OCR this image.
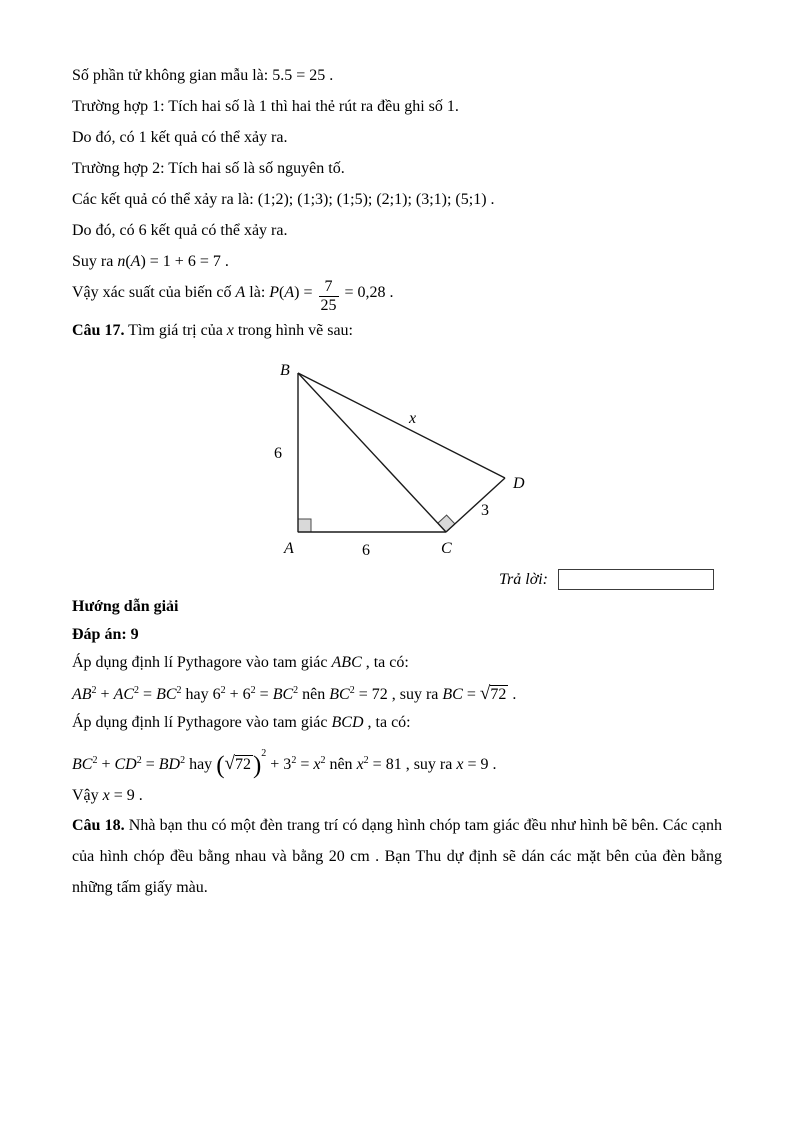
Số phần tử không gian mẫu là: 5.5 = 25 .

Trường hợp 1: Tích hai số là 1 thì hai thẻ rút ra đều ghi số 1.

Do đó, có 1 kết quả có thể xảy ra.

Trường hợp 2: Tích hai số là số nguyên tố.

Các kết quả có thể xảy ra là: (1;2); (1;3); (1;5); (2;1); (3;1); (5;1) .

Do đó, có 6 kết quả có thể xảy ra.

Suy ra n(A) = 1 + 6 = 7 .

Vậy xác suất của biến cố A là: $P(A) = \frac{7}{25} = 0,28$ .

Câu 17. Tìm giá trị của x trong hình vẽ sau:

B
A	C
D
6
6
3
x
Trả lời:

Hướng dẫn giải

Đáp án: 9

Áp dụng định lí Pythagore vào tam giác ABC , ta có:

$AB^2 + AC^2 = BC^2$ hay $6^2 + 6^2 = BC^2$ nên $BC^2 = 72$ , suy ra BC = √72 .

Áp dụng định lí Pythagore vào tam giác BCD , ta có:

$BC^2 + CD^2 = BD^2$ hay $(√72)^2 + 3^2 = x^2$ nên $x^2 = 81$ , suy ra x = 9 .

Vậy x = 9 .

Câu 18. Nhà bạn thu có một đèn trang trí có dạng hình chóp tam giác đều như hình bẽ bên. Các cạnh của hình chóp đều bằng nhau và bằng 20 cm . Bạn Thu dự định sẽ dán các mặt bên của đèn bằng những tấm giấy màu.
